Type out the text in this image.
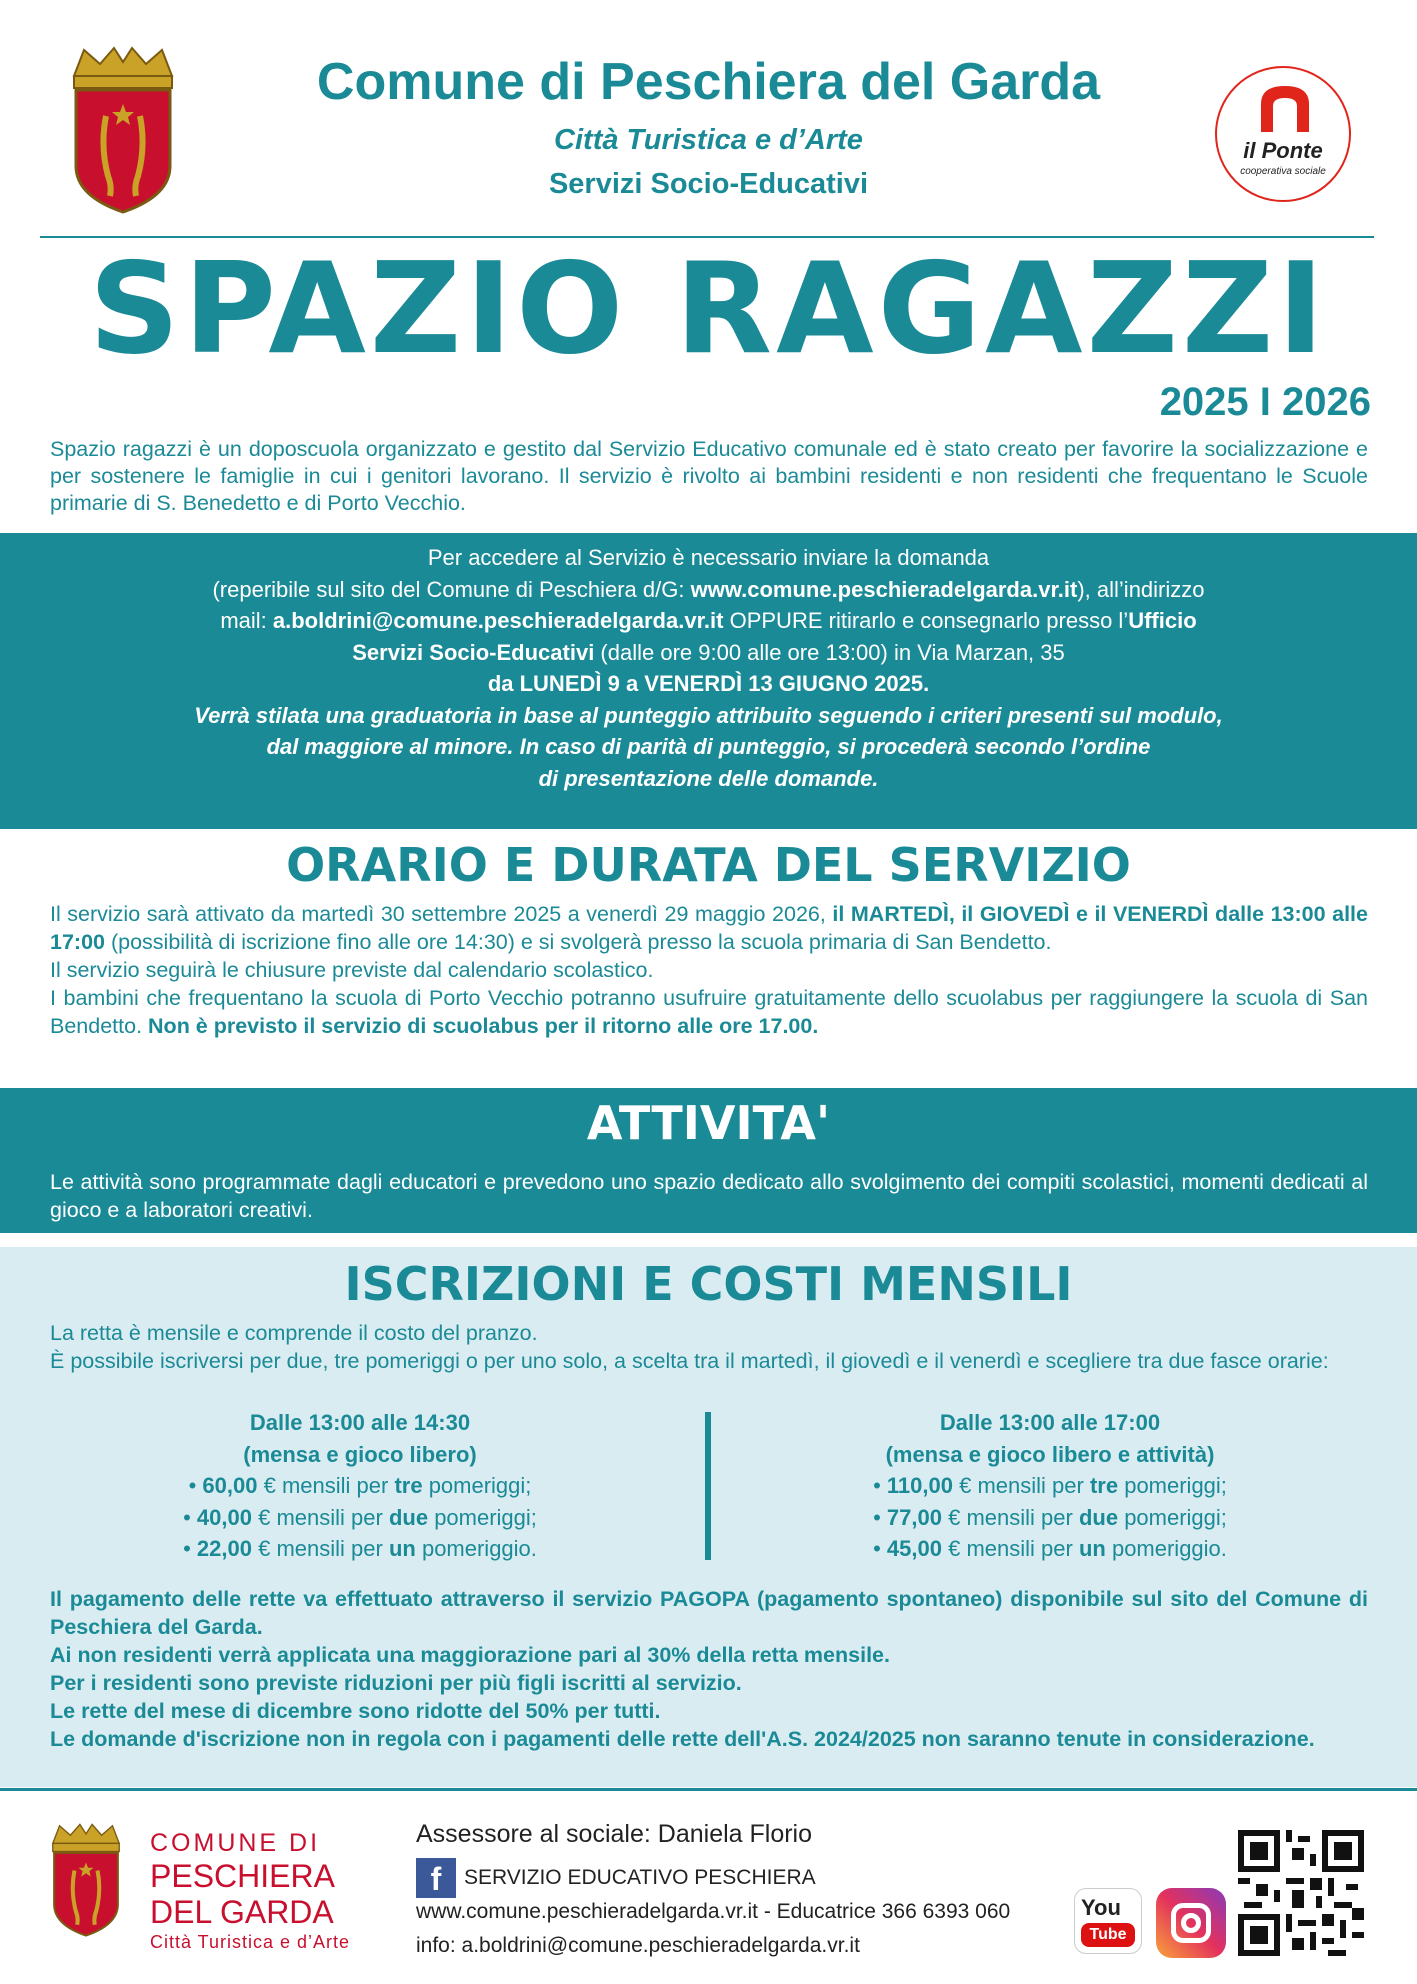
Comune di Peschiera del Garda
Città Turistica e d’Arte
Servizi Socio-Educativi
il Ponte
cooperativa sociale
SPAZIO RAGAZZI
2025 I 2026
Spazio ragazzi è un doposcuola organizzato e gestito dal Servizio Educativo comunale ed è stato creato per favorire la socializzazione e per sostenere le famiglie in cui i genitori lavorano. Il servizio è rivolto ai bambini residenti e non residenti che frequentano le Scuole primarie di S. Benedetto e di Porto Vecchio.
Per accedere al Servizio è necessario inviare la domanda
(reperibile sul sito del Comune di Peschiera d/G: www.comune.peschieradelgarda.vr.it), all’indirizzo
mail: a.boldrini@comune.peschieradelgarda.vr.it OPPURE ritirarlo e consegnarlo presso l’Ufficio
Servizi Socio-Educativi (dalle ore 9:00 alle ore 13:00) in Via Marzan, 35
da LUNEDÌ 9 a VENERDÌ 13 GIUGNO 2025.
Verrà stilata una graduatoria in base al punteggio attribuito seguendo i criteri presenti sul modulo,
dal maggiore al minore. In caso di parità di punteggio, si procederà secondo l’ordine
di presentazione delle domande.
ORARIO E DURATA DEL SERVIZIO

Il servizio sarà attivato da martedì 30 settembre 2025 a venerdì 29 maggio 2026, il MARTEDÌ, il GIOVEDÌ e il VENERDÌ dalle 13:00 alle 17:00 (possibilità di iscrizione fino alle ore 14:30) e si svolgerà presso la scuola primaria di San Bendetto.

Il servizio seguirà le chiusure previste dal calendario scolastico.

I bambini che frequentano la scuola di Porto Vecchio potranno usufruire gratuitamente dello scuolabus per raggiungere la scuola di San Bendetto. Non è previsto il servizio di scuolabus per il ritorno alle ore 17.00.

ATTIVITA'
Le attività sono programmate dagli educatori e prevedono uno spazio dedicato allo svolgimento dei compiti scolastici, momenti dedicati al gioco e a laboratori creativi.
ISCRIZIONI E COSTI MENSILI
La retta è mensile e comprende il costo del pranzo.
È possibile iscriversi per due, tre pomeriggi o per uno solo, a scelta tra il martedì, il giovedì e il venerdì e scegliere tra due fasce orarie:
Dalle 13:00 alle 14:30
(mensa e gioco libero)
• 60,00 € mensili per tre pomeriggi;
• 40,00 € mensili per due pomeriggi;
• 22,00 € mensili per un pomeriggio.
Dalle 13:00 alle 17:00
(mensa e gioco libero e attività)
• 110,00 € mensili per tre pomeriggi;
• 77,00 € mensili per due pomeriggi;
• 45,00 € mensili per un pomeriggio.

Il pagamento delle rette va effettuato attraverso il servizio PAGOPA (pagamento spontaneo) disponibile sul sito del Comune di Peschiera del Garda.

Ai non residenti verrà applicata una maggiorazione pari al 30% della retta mensile.

Per i residenti sono previste riduzioni per più figli iscritti al servizio.

Le rette del mese di dicembre sono ridotte del 50% per tutti.

Le domande d'iscrizione non in regola con i pagamenti delle rette dell'A.S. 2024/2025 non saranno tenute in considerazione.

COMUNE DI
PESCHIERA
DEL GARDA
Città Turistica e d’Arte
Assessore al sociale: Daniela Florio
f	SERVIZIO EDUCATIVO PESCHIERA
www.comune.peschieradelgarda.vr.it - Educatrice 366 6393 060
info: a.boldrini@comune.peschieradelgarda.vr.it
You
Tube
